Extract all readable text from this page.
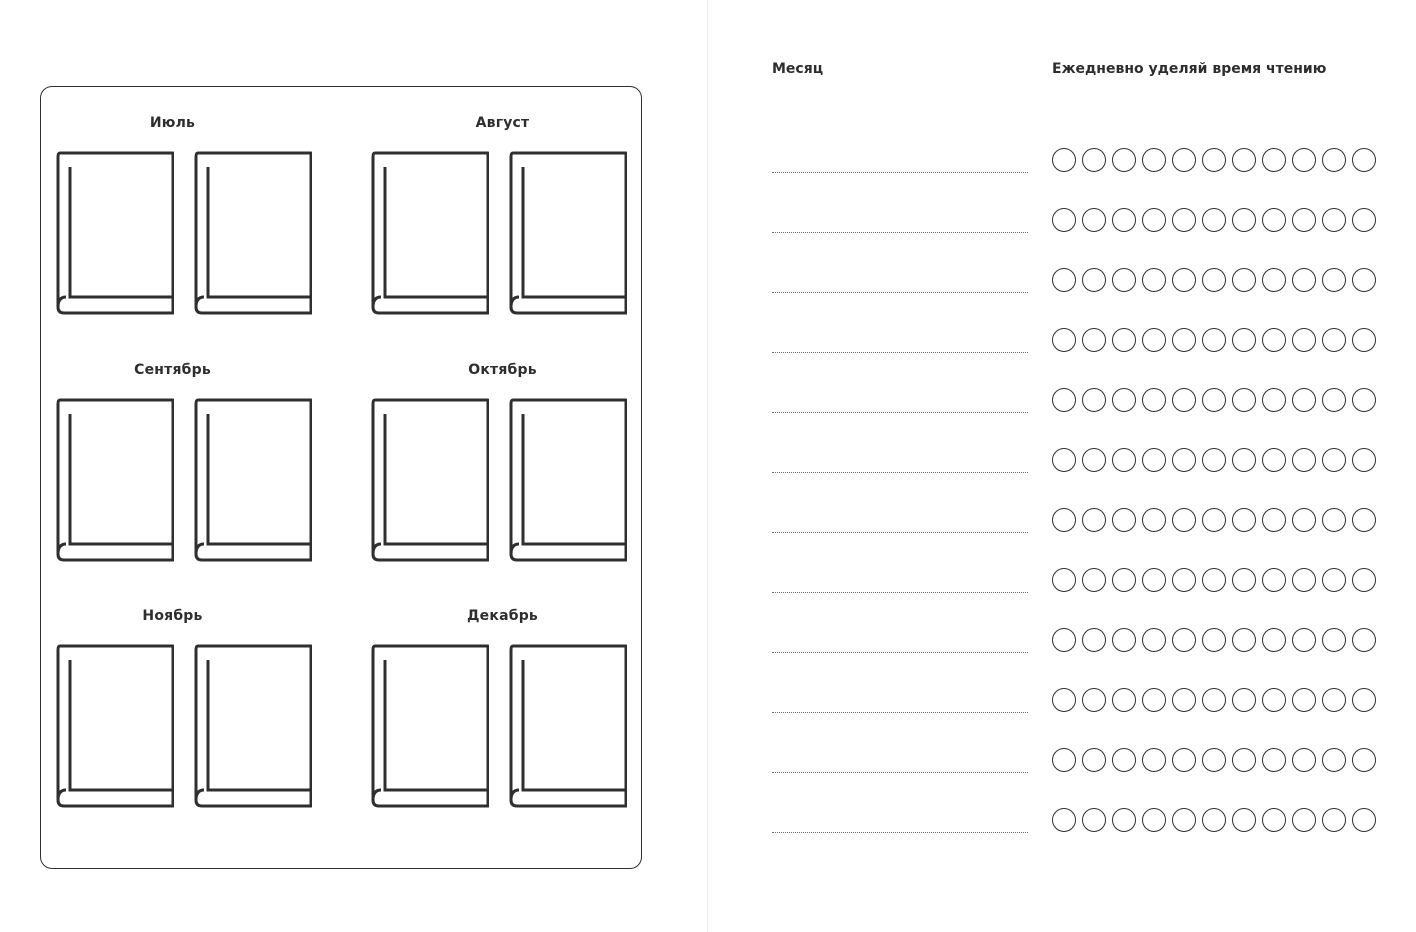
Июль	Август
Сентябрь	Октябрь
Ноябрь	Декабрь
Месяц	Ежедневно уделяй время чтению
